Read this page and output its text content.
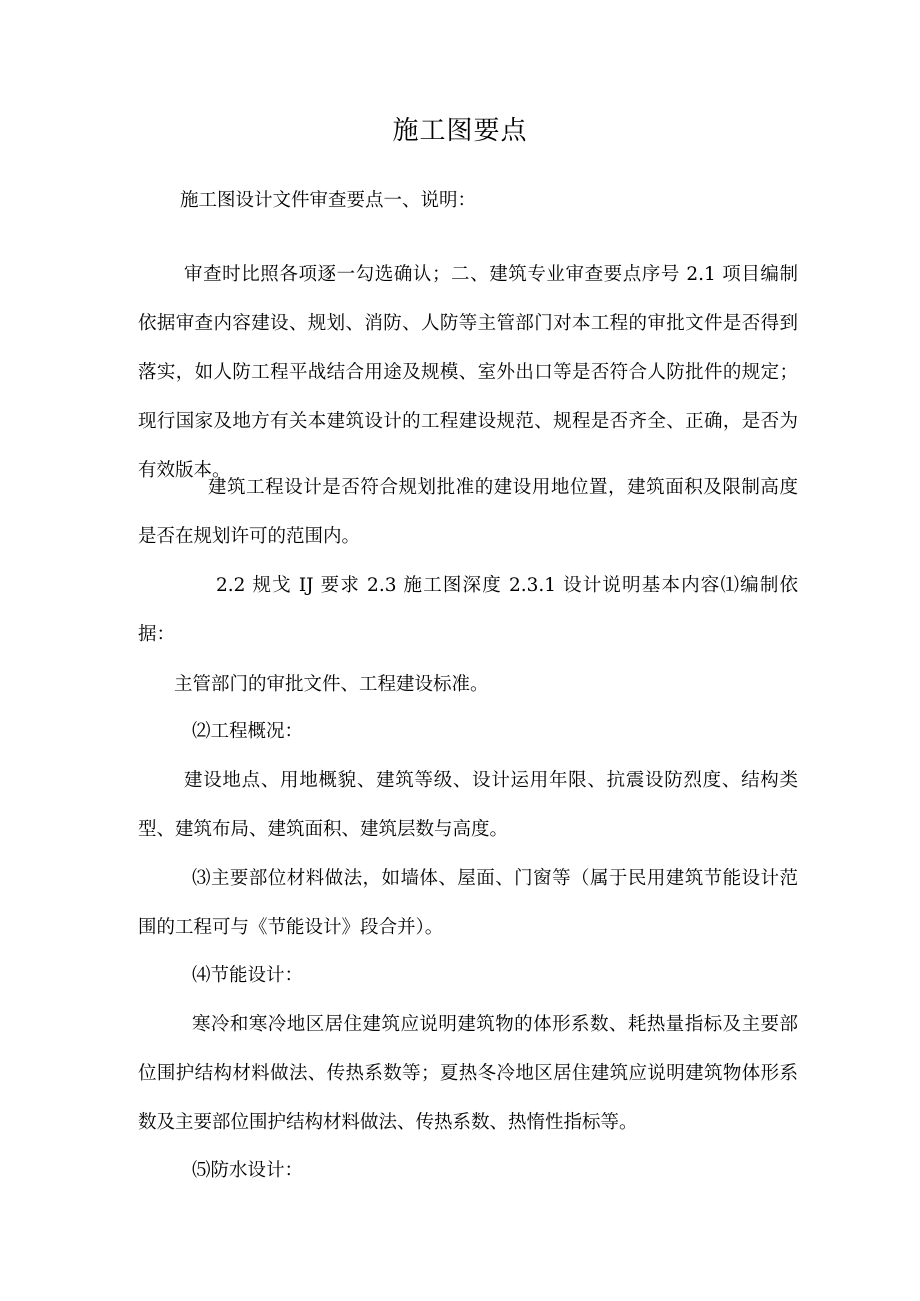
施工图要点

施工图设计文件审查要点一、说明：

审查时比照各项逐一勾选确认；二、建筑专业审查要点序号 2.1 项目编制依据审查内容建设、规划、消防、人防等主管部门对本工程的审批文件是否得到落实，如人防工程平战结合用途及规模、室外出口等是否符合人防批件的规定；现行国家及地方有关本建筑设计的工程建设规范、规程是否齐全、正确，是否为有效版本。

建筑工程设计是否符合规划批准的建设用地位置，建筑面积及限制高度是否在规划许可的范围内。

2.2 规戈 IJ 要求 2.3 施工图深度 2.3.1 设计说明基本内容⑴编制依据：

主管部门的审批文件、工程建设标准。

⑵工程概况：

建设地点、用地概貌、建筑等级、设计运用年限、抗震设防烈度、结构类型、建筑布局、建筑面积、建筑层数与高度。

⑶主要部位材料做法，如墙体、屋面、门窗等（属于民用建筑节能设计范围的工程可与《节能设计》段合并）。

⑷节能设计：

寒冷和寒冷地区居住建筑应说明建筑物的体形系数、耗热量指标及主要部位围护结构材料做法、传热系数等；夏热冬冷地区居住建筑应说明建筑物体形系数及主要部位围护结构材料做法、传热系数、热惰性指标等。

⑸防水设计：
